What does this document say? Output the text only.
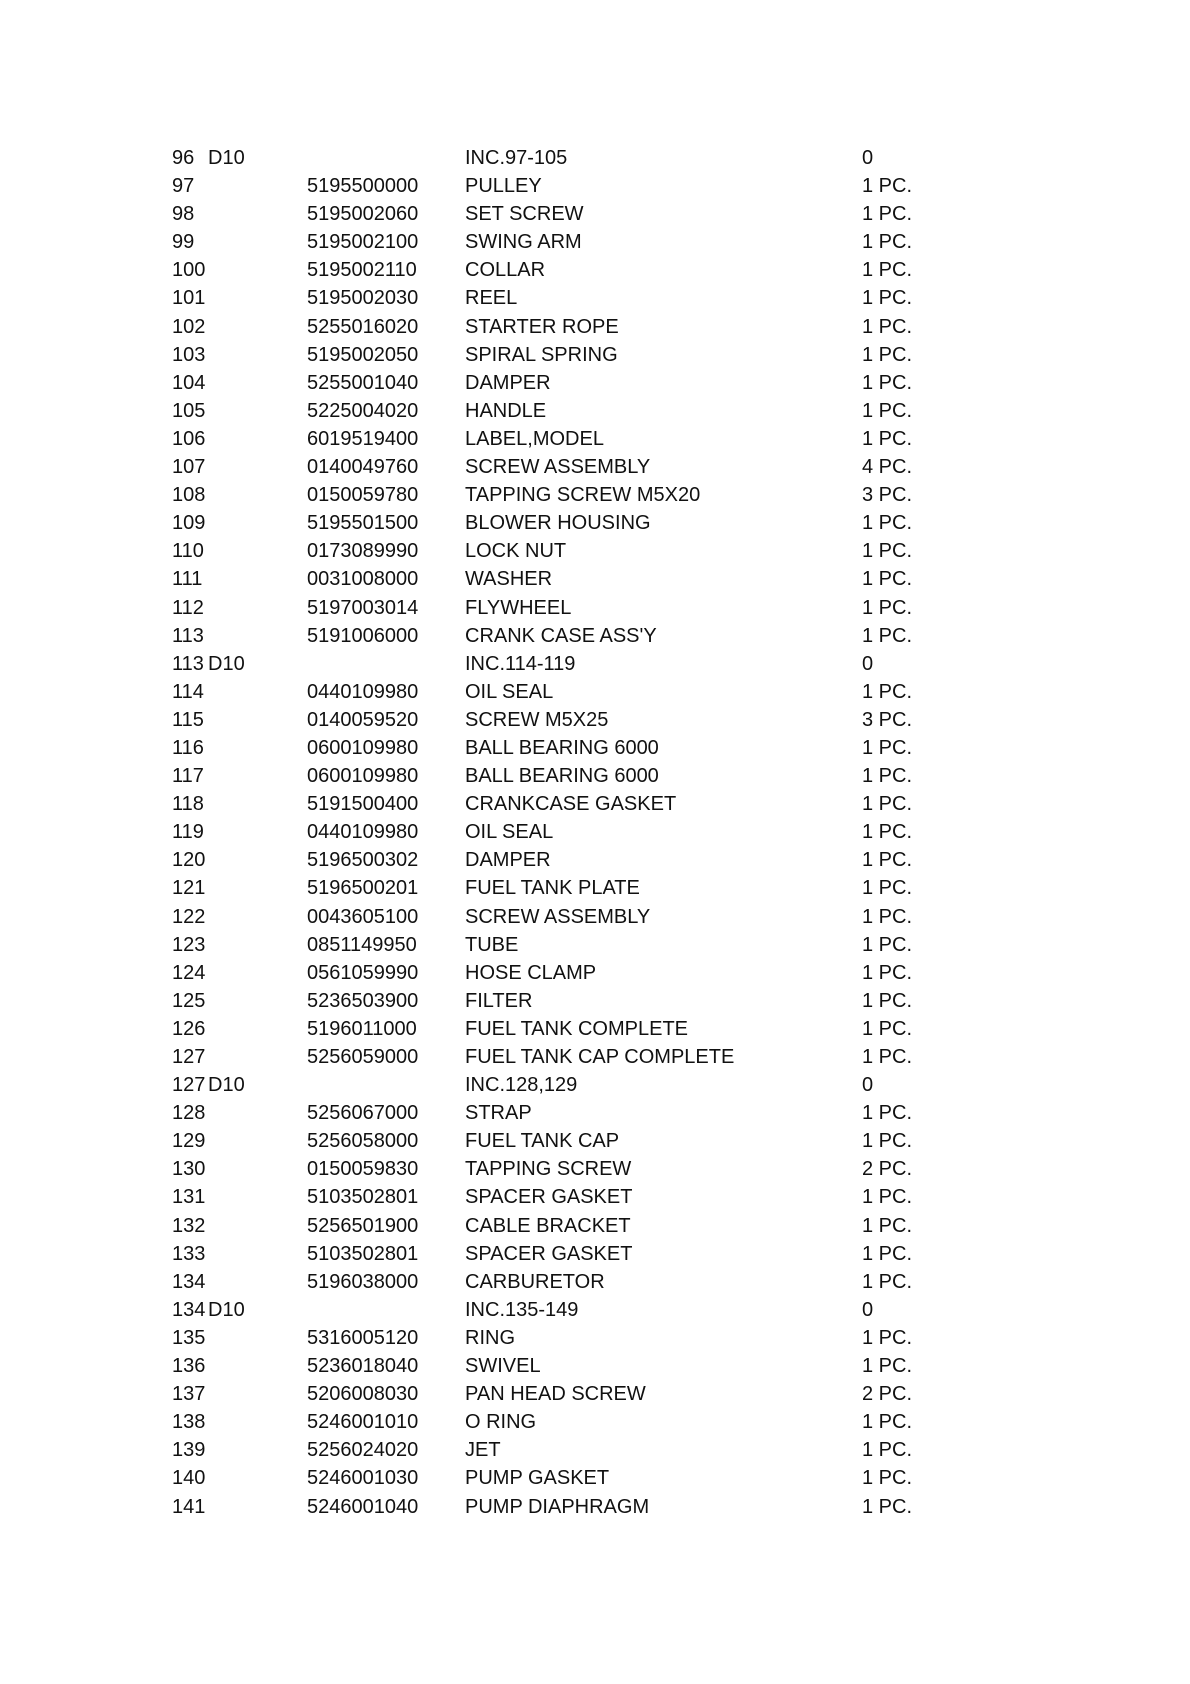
96 D10	INC.97-105	0
97	5195500000 PULLEY	1 PC.
98	5195002060 SET SCREW	1 PC.
99	5195002100 SWING ARM	1 PC.
100	5195002110 COLLAR	1 PC.
101	5195002030 REEL	1 PC.
102	5255016020 STARTER ROPE	1 PC.
103	5195002050 SPIRAL SPRING	1 PC.
104	5255001040 DAMPER	1 PC.
105	5225004020 HANDLE	1 PC.
106	6019519400 LABEL,MODEL	1 PC.
107	0140049760 SCREW ASSEMBLY	4 PC.
108	0150059780 TAPPING SCREW M5X20	3 PC.
109	5195501500 BLOWER HOUSING	1 PC.
110	0173089990 LOCK NUT	1 PC.
111	0031008000 WASHER	1 PC.
112	5197003014 FLYWHEEL	1 PC.
113	5191006000 CRANK CASE ASS'Y	1 PC.
113 D10	INC.114-119	0
114	0440109980 OIL SEAL	1 PC.
115	0140059520 SCREW M5X25	3 PC.
116	0600109980 BALL BEARING 6000	1 PC.
117	0600109980 BALL BEARING 6000	1 PC.
118	5191500400 CRANKCASE GASKET	1 PC.
119	0440109980 OIL SEAL	1 PC.
120	5196500302 DAMPER	1 PC.
121	5196500201 FUEL TANK PLATE	1 PC.
122	0043605100 SCREW ASSEMBLY	1 PC.
123	0851149950 TUBE	1 PC.
124	0561059990 HOSE CLAMP	1 PC.
125	5236503900 FILTER	1 PC.
126	5196011000 FUEL TANK COMPLETE	1 PC.
127	5256059000 FUEL TANK CAP COMPLETE	1 PC.
127 D10	INC.128,129	0
128	5256067000 STRAP	1 PC.
129	5256058000 FUEL TANK CAP	1 PC.
130	0150059830 TAPPING SCREW	2 PC.
131	5103502801 SPACER GASKET	1 PC.
132	5256501900 CABLE BRACKET	1 PC.
133	5103502801 SPACER GASKET	1 PC.
134	5196038000 CARBURETOR	1 PC.
134 D10	INC.135-149	0
135	5316005120 RING	1 PC.
136	5236018040 SWIVEL	1 PC.
137	5206008030 PAN HEAD SCREW	2 PC.
138	5246001010 O RING	1 PC.
139	5256024020 JET	1 PC.
140	5246001030 PUMP GASKET	1 PC.
141	5246001040 PUMP DIAPHRAGM	1 PC.
